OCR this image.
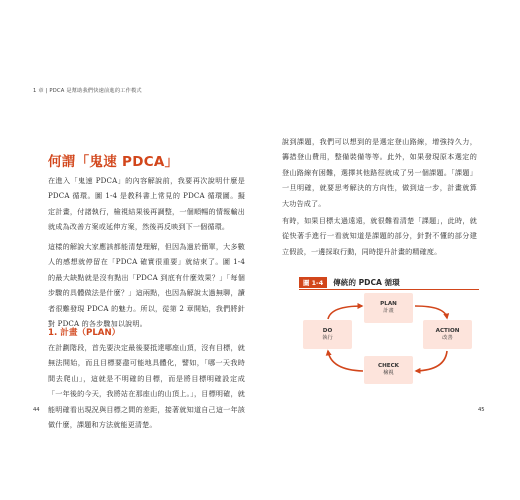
1 章 | PDCA 是幫助我們快速前進的工作模式
何謂「鬼速 PDCA」
在進入「鬼速 PDCA」的內容解說前，我要再次說明什麼是 PDCA 循環。圖 1-4 是教科書上常見的 PDCA 循環圖。擬定計畫，付諸執行，檢視結果後再調整，一個順暢的情報輸出就成為改善方案或延伸方案，然後再反映到下一個循環。
這樣的解說大家應該都能清楚理解，但因為過於簡單，大多數人的感想就停留在「PDCA 確實很重要」就結束了。圖 1-4 的最大缺點就是沒有點出「PDCA 到底有什麼效果？」「每個步驟的具體做法是什麼？」這兩點，也因為解說太過無聊，讀者很難發現 PDCA 的魅力。所以，從第 2 章開始，我們將針對 PDCA 的各步驟加以說明。
1. 計畫（PLAN）
在計劃階段，首先要決定最後要抵達哪座山頂，沒有目標，就無法開始，而且目標要盡可能地具體化，譬如，「哪一天我時間去爬山」，這就是不明確的目標，而是將目標明確設定成「一年後的今天，我將站在那座山的山頂上。」，目標明確，就能明確看出現況與目標之間的差距，接著就知道自己這一年該做什麼，課題和方法就能更清楚。
44
說到課題，我們可以想到的是選定登山路線，增強持久力，籌措登山費用，整備裝備等等。此外，如果發現原本選定的登山路線有困難，選擇其他路徑就成了另一個課題。「課題」一旦明確，就要思考解決的方向性，做到這一步，計畫就算大功告成了。
有時，如果目標太過遠遠，就很難看清楚「課題」，此時，就從快著手進行一看就知道是課題的部分，針對不懂的部分建立假設，一邊採取行動，同時提升計畫的精確度。
圖 1-4	傳統的 PDCA 循環
PLAN
計畫
DO
執行
ACTION
改善
CHECK
檢視
45
